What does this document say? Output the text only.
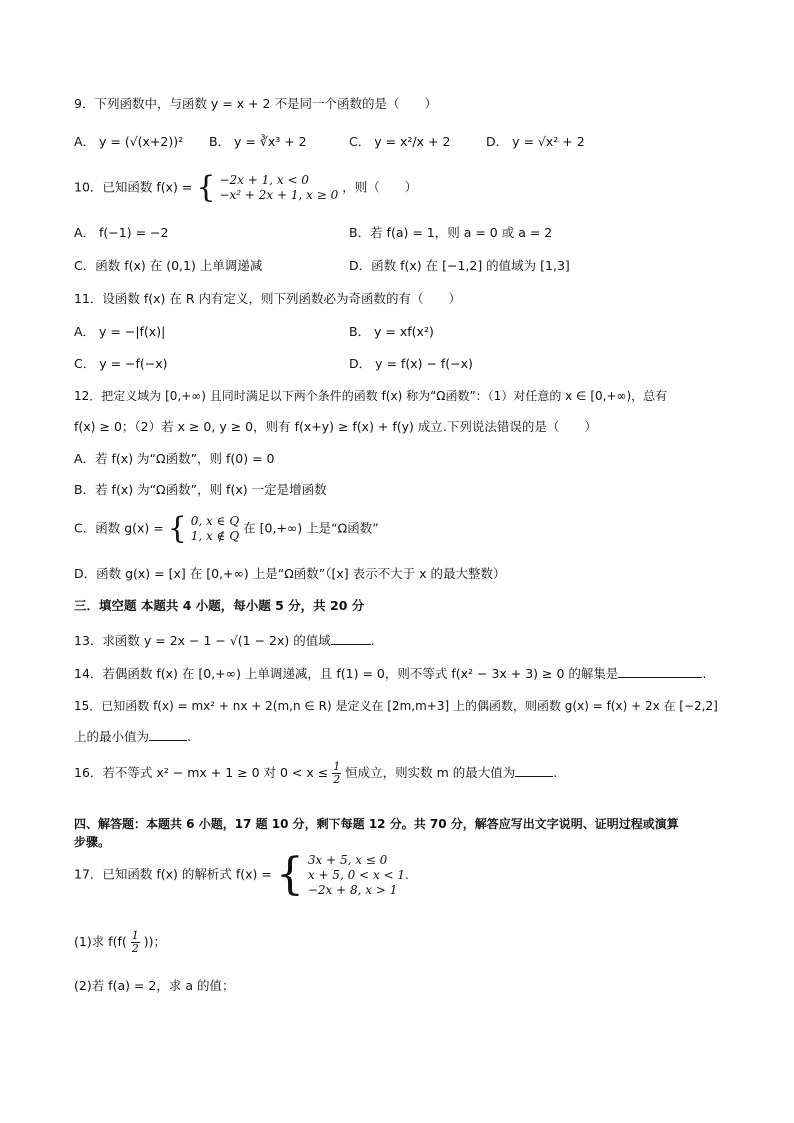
9．下列函数中，与函数 y = x + 2 不是同一个函数的是（　　）
A． y = (√(x+2))² B． y = ∛x³ + 2	C． y = x²/x + 2	D． y = √x² + 2
10．已知函数 f(x) = { −2x + 1, x < 0
−x² + 2x + 1, x ≥ 0
，则（　　）
A． f(−1) = −2	B．若 f(a) = 1，则 a = 0 或 a = 2
C．函数 f(x) 在 (0,1) 上单调递减	D．函数 f(x) 在 [−1,2] 的值域为 [1,3]
11．设函数 f(x) 在 R 内有定义，则下列函数必为奇函数的有（　　）
A． y = −|f(x)|	B． y = xf(x²)
C． y = −f(−x)	D． y = f(x) − f(−x)
12．把定义域为 [0,+∞) 且同时满足以下两个条件的函数 f(x) 称为“Ω函数”：（1）对任意的 x ∈ [0,+∞)，总有
f(x) ≥ 0；（2）若 x ≥ 0, y ≥ 0，则有 f(x+y) ≥ f(x) + f(y) 成立.下列说法错误的是（　　）
A．若 f(x) 为“Ω函数”，则 f(0) = 0
B．若 f(x) 为“Ω函数”，则 f(x) 一定是增函数
C．函数 g(x) = { 0, x ∈ Q
1, x ∉ Q
在 [0,+∞) 上是“Ω函数”
D．函数 g(x) = [x] 在 [0,+∞) 上是“Ω函数”（[x] 表示不大于 x 的最大整数）
三．填空题 本题共 4 小题，每小题 5 分，共 20 分
13．求函数 y = 2x − 1 − √(1 − 2x) 的值域	.
14．若偶函数 f(x) 在 [0,+∞) 上单调递减，且 f(1) = 0，则不等式 f(x² − 3x + 3) ≥ 0 的解集是	.
15．已知函数 f(x) = mx² + nx + 2(m,n ∈ R) 是定义在 [2m,m+3] 上的偶函数，则函数 g(x) = f(x) + 2x 在 [−2,2]
上的最小值为	.
16．若不等式 x² − mx + 1 ≥ 0 对 $0 < x \le \frac{1}{2}$ 恒成立，则实数 m 的最大值为	.
四、解答题：本题共 6 小题，17 题 10 分，剩下每题 12 分。共 70 分，解答应写出文字说明、证明过程或演算
步骤。
17．已知函数 f(x) 的解析式 f(x) = { 3x + 5, x ≤ 0
x + 5, 0 < x < 1.
−2x + 8, x > 1
(1)求 $f(f( \frac{1}{2}$ ))；
(2)若 f(a) = 2，求 a 的值；
